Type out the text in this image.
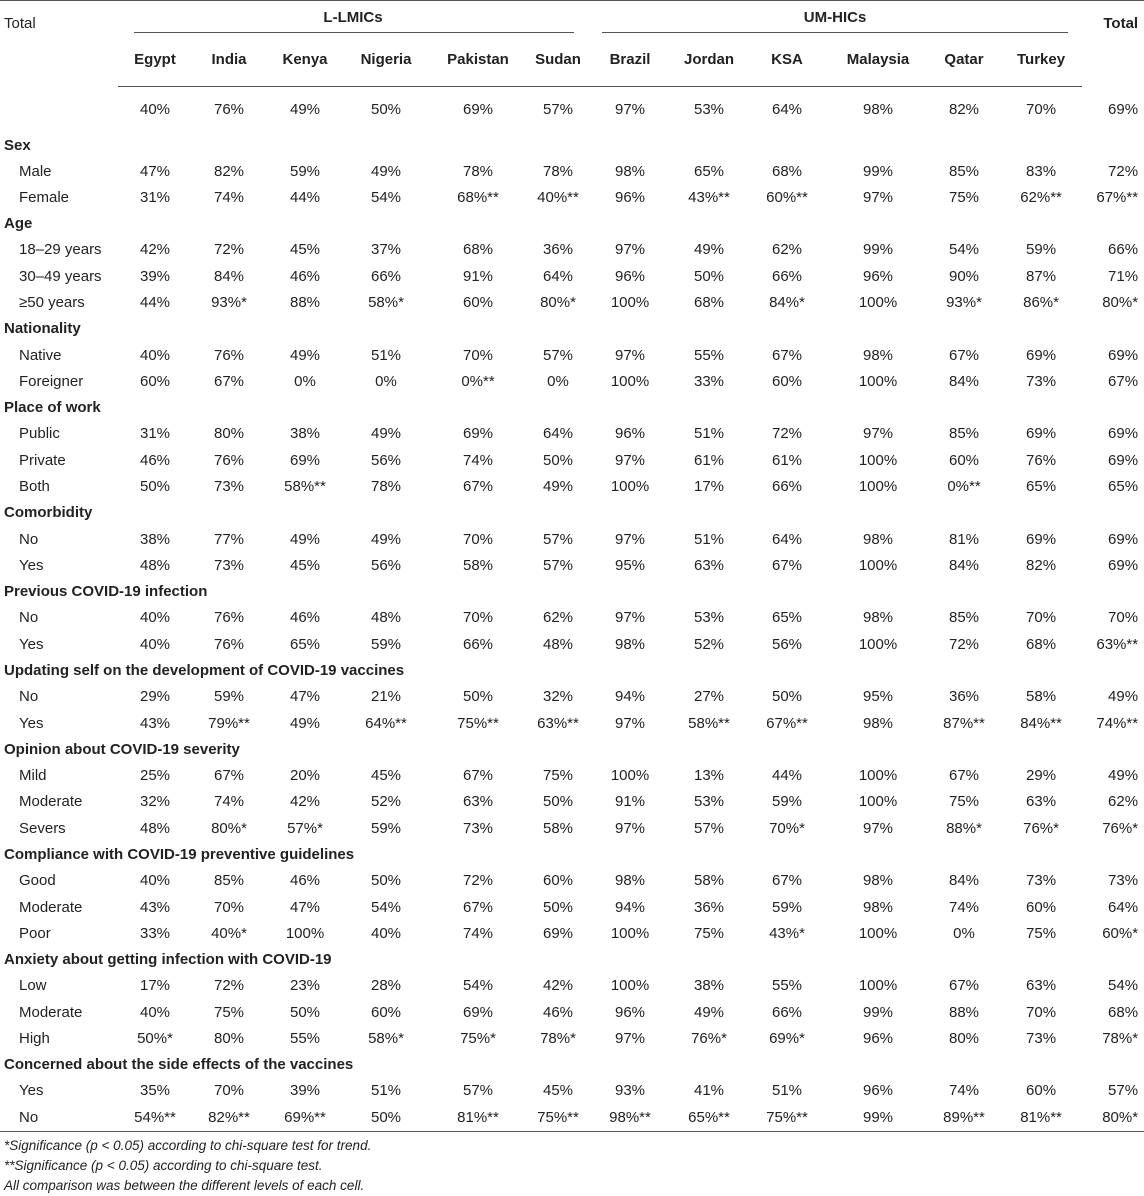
Total	L-LMICs						UM-HICs						Total
	Egypt	India	Kenya	Nigeria	Pakistan	Sudan	Brazil	Jordan	KSA	Malaysia	Qatar	Turkey	
	40%	76%	49%	50%	69%	57%	97%	53%	64%	98%	82%	70%	69%
Sex													
Male	47%	82%	59%	49%	78%	78%	98%	65%	68%	99%	85%	83%	72%
Female	31%	74%	44%	54%	68%**	40%**	96%	43%**	60%**	97%	75%	62%**	67%**
Age													
18–29 years	42%	72%	45%	37%	68%	36%	97%	49%	62%	99%	54%	59%	66%
30–49 years	39%	84%	46%	66%	91%	64%	96%	50%	66%	96%	90%	87%	71%
≥50 years	44%	93%*	88%	58%*	60%	80%*	100%	68%	84%*	100%	93%*	86%*	80%*
Nationality													
Native	40%	76%	49%	51%	70%	57%	97%	55%	67%	98%	67%	69%	69%
Foreigner	60%	67%	0%	0%	0%**	0%	100%	33%	60%	100%	84%	73%	67%
Place of work													
Public	31%	80%	38%	49%	69%	64%	96%	51%	72%	97%	85%	69%	69%
Private	46%	76%	69%	56%	74%	50%	97%	61%	61%	100%	60%	76%	69%
Both	50%	73%	58%**	78%	67%	49%	100%	17%	66%	100%	0%**	65%	65%
Comorbidity													
No	38%	77%	49%	49%	70%	57%	97%	51%	64%	98%	81%	69%	69%
Yes	48%	73%	45%	56%	58%	57%	95%	63%	67%	100%	84%	82%	69%
Previous COVID-19 infection													
No	40%	76%	46%	48%	70%	62%	97%	53%	65%	98%	85%	70%	70%
Yes	40%	76%	65%	59%	66%	48%	98%	52%	56%	100%	72%	68%	63%**
Updating self on the development of COVID-19 vaccines													
No	29%	59%	47%	21%	50%	32%	94%	27%	50%	95%	36%	58%	49%
Yes	43%	79%**	49%	64%**	75%**	63%**	97%	58%**	67%**	98%	87%**	84%**	74%**
Opinion about COVID-19 severity													
Mild	25%	67%	20%	45%	67%	75%	100%	13%	44%	100%	67%	29%	49%
Moderate	32%	74%	42%	52%	63%	50%	91%	53%	59%	100%	75%	63%	62%
Severs	48%	80%*	57%*	59%	73%	58%	97%	57%	70%*	97%	88%*	76%*	76%*
Compliance with COVID-19 preventive guidelines													
Good	40%	85%	46%	50%	72%	60%	98%	58%	67%	98%	84%	73%	73%
Moderate	43%	70%	47%	54%	67%	50%	94%	36%	59%	98%	74%	60%	64%
Poor	33%	40%*	100%	40%	74%	69%	100%	75%	43%*	100%	0%	75%	60%*
Anxiety about getting infection with COVID-19													
Low	17%	72%	23%	28%	54%	42%	100%	38%	55%	100%	67%	63%	54%
Moderate	40%	75%	50%	60%	69%	46%	96%	49%	66%	99%	88%	70%	68%
High	50%*	80%	55%	58%*	75%*	78%*	97%	76%*	69%*	96%	80%	73%	78%*
Concerned about the side effects of the vaccines													
Yes	35%	70%	39%	51%	57%	45%	93%	41%	51%	96%	74%	60%	57%
No	54%**	82%**	69%**	50%	81%**	75%**	98%**	65%**	75%**	99%	89%**	81%**	80%*
*Significance (p < 0.05) according to chi-square test for trend.
**Significance (p < 0.05) according to chi-square test.
All comparison was between the different levels of each cell.
